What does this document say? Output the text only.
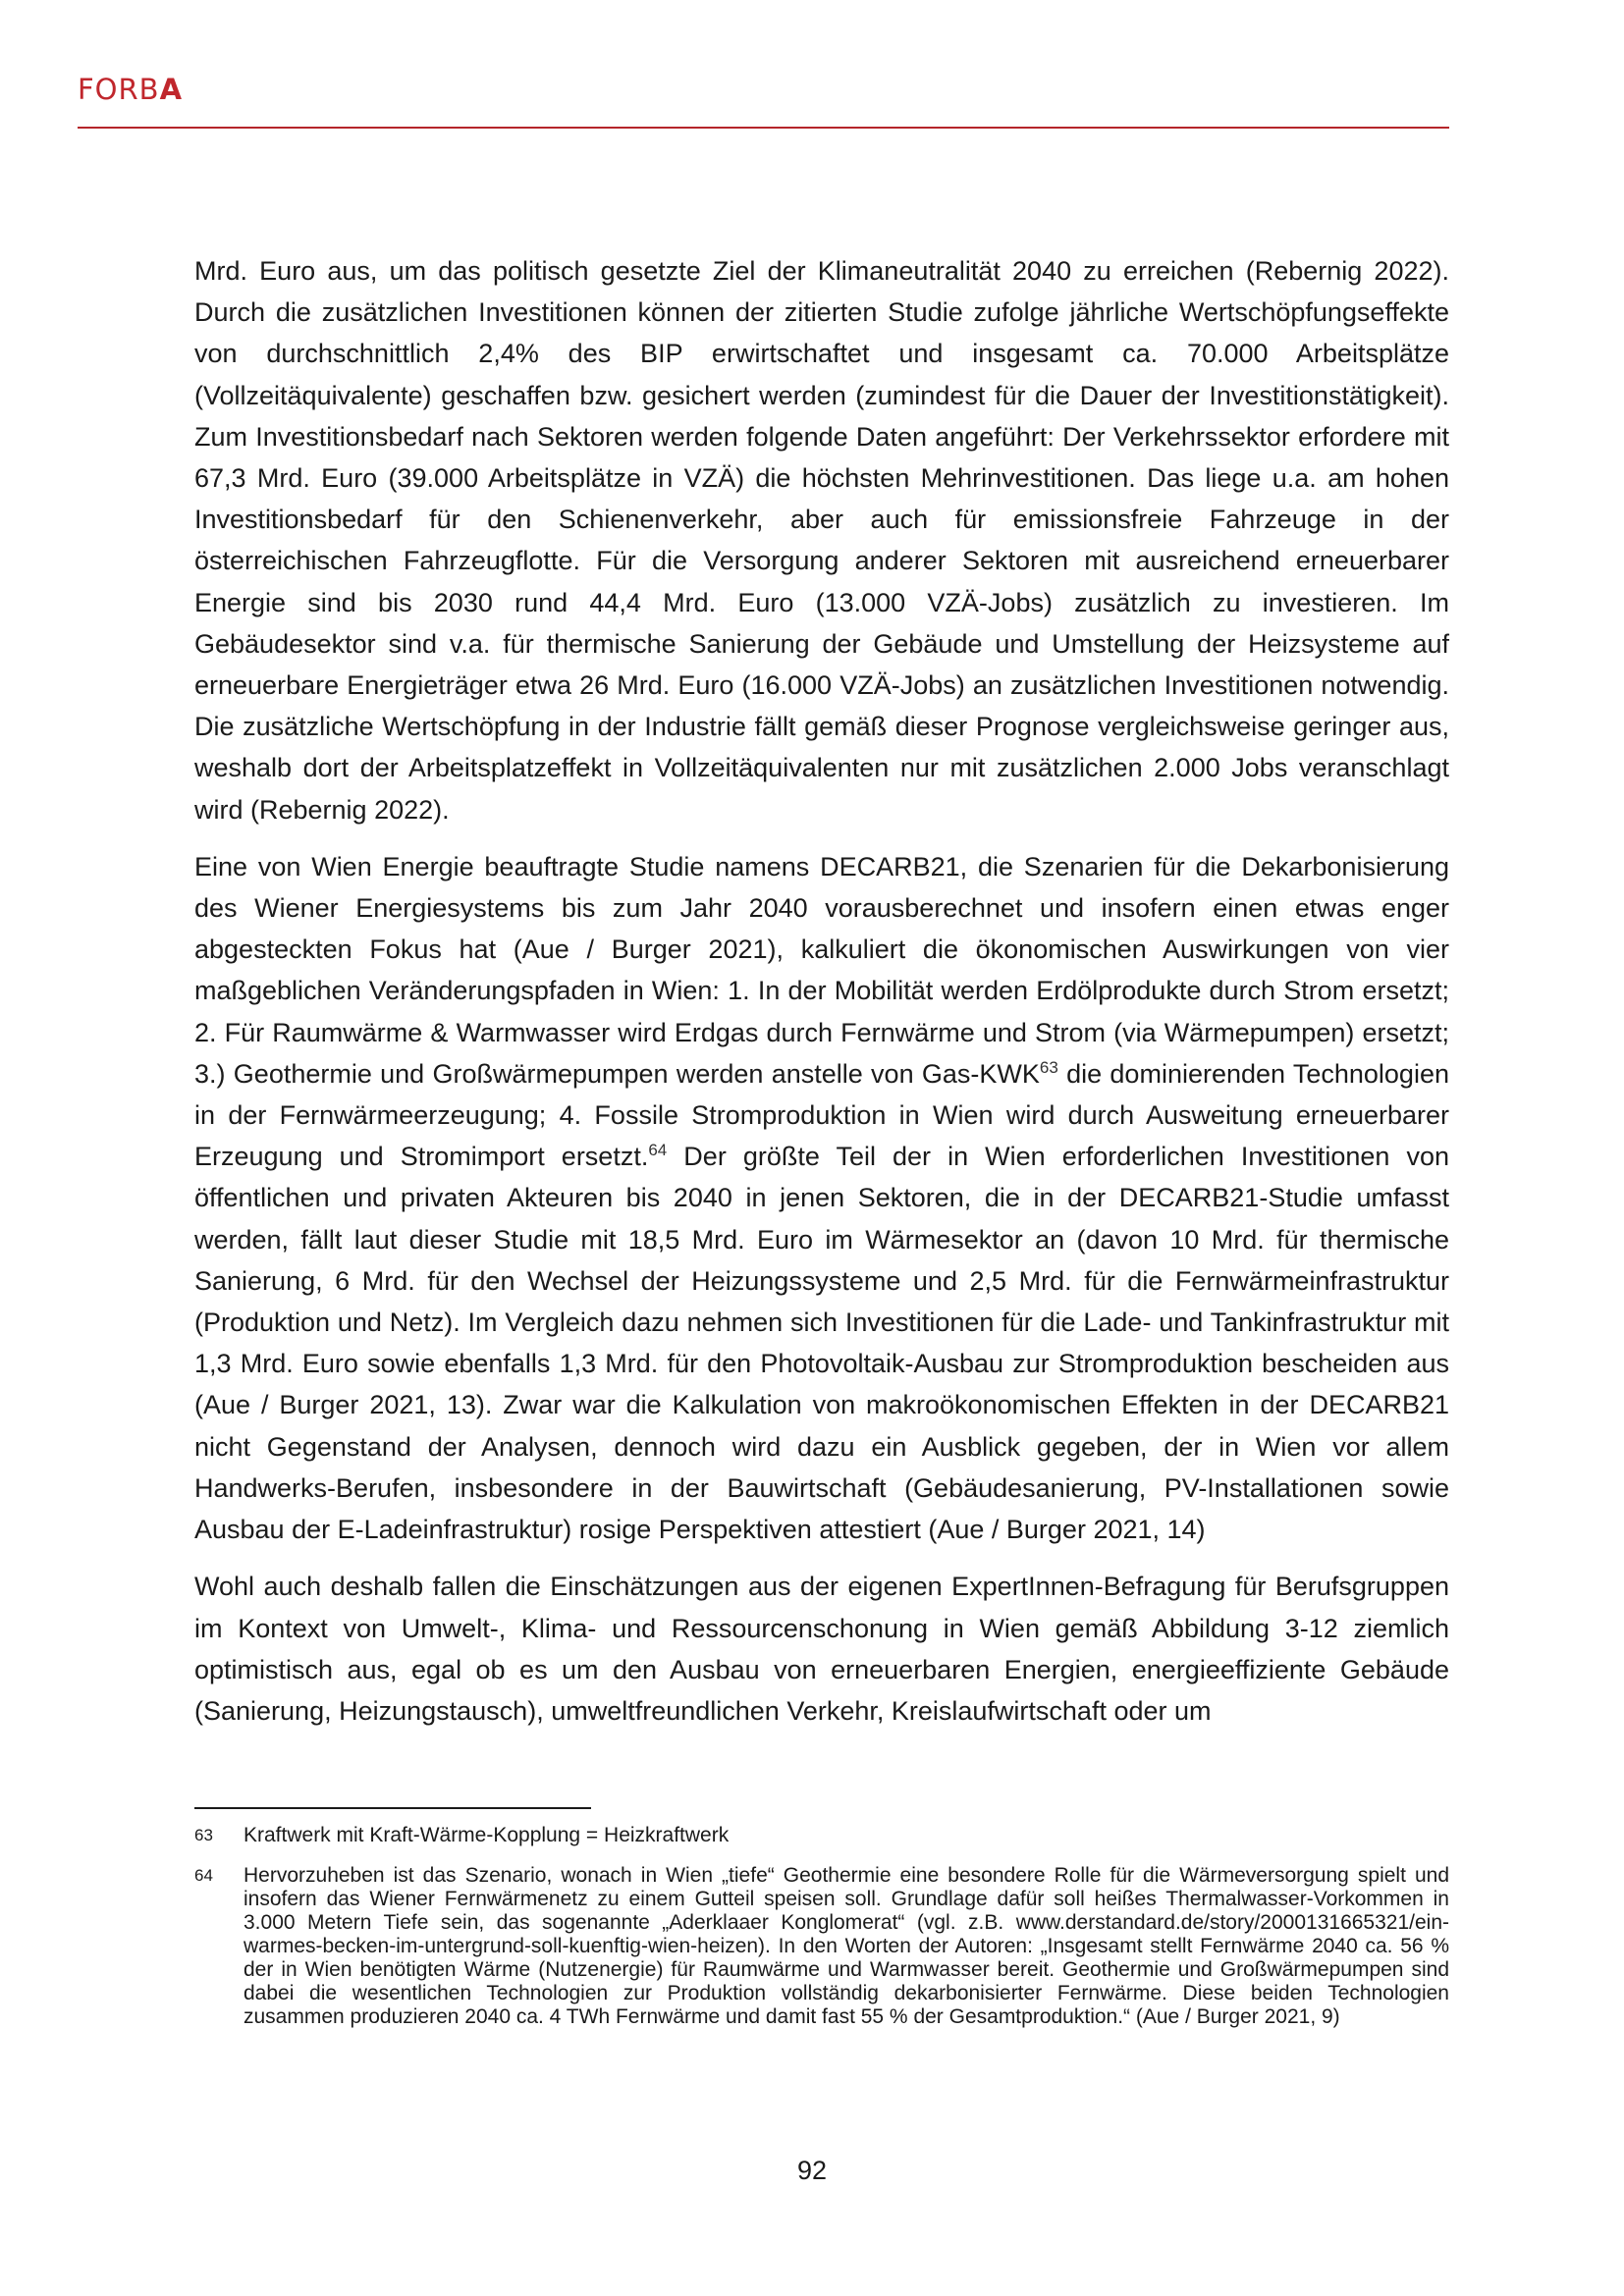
FORBA

Mrd. Euro aus, um das politisch gesetzte Ziel der Klimaneutralität 2040 zu erreichen (Rebernig 2022). Durch die zusätzlichen Investitionen können der zitierten Studie zufolge jährliche Wertschöpfungseffekte von durchschnittlich 2,4% des BIP erwirtschaftet und insgesamt ca. 70.000 Arbeitsplätze (Vollzeitäquivalente) geschaffen bzw. gesichert werden (zumindest für die Dauer der Investitionstätigkeit). Zum Investitionsbedarf nach Sektoren werden folgende Daten angeführt: Der Verkehrssektor erfordere mit 67,3 Mrd. Euro (39.000 Arbeitsplätze in VZÄ) die höchsten Mehrinvestitionen. Das liege u.a. am hohen Investitionsbedarf für den Schienenverkehr, aber auch für emissionsfreie Fahrzeuge in der österreichischen Fahrzeugflotte. Für die Versorgung anderer Sektoren mit ausreichend erneuerbarer Energie sind bis 2030 rund 44,4 Mrd. Euro (13.000 VZÄ-Jobs) zusätzlich zu investieren. Im Gebäudesektor sind v.a. für thermische Sanierung der Gebäude und Umstellung der Heizsysteme auf erneuerbare Energieträger etwa 26 Mrd. Euro (16.000 VZÄ-Jobs) an zusätzlichen Investitionen notwendig. Die zusätzliche Wertschöpfung in der Industrie fällt gemäß dieser Prognose vergleichsweise geringer aus, weshalb dort der Arbeitsplatzeffekt in Vollzeitäquivalenten nur mit zusätzlichen 2.000 Jobs veranschlagt wird (Rebernig 2022).

Eine von Wien Energie beauftragte Studie namens DECARB21, die Szenarien für die Dekarbonisierung des Wiener Energiesystems bis zum Jahr 2040 vorausberechnet und insofern einen etwas enger abgesteckten Fokus hat (Aue / Burger 2021), kalkuliert die ökonomischen Auswirkungen von vier maßgeblichen Veränderungspfaden in Wien: 1. In der Mobilität werden Erdölprodukte durch Strom ersetzt; 2. Für Raumwärme & Warmwasser wird Erdgas durch Fernwärme und Strom (via Wärmepumpen) ersetzt; 3.) Geothermie und Großwärmepumpen werden anstelle von Gas-KWK$^{63}$ die dominierenden Technologien in der Fernwärmeerzeugung; 4. Fossile Stromproduktion in Wien wird durch Ausweitung erneuerbarer Erzeugung und Stromimport ersetzt.$^{64}$ Der größte Teil der in Wien erforderlichen Investitionen von öffentlichen und privaten Akteuren bis 2040 in jenen Sektoren, die in der DECARB21-Studie umfasst werden, fällt laut dieser Studie mit 18,5 Mrd. Euro im Wärmesektor an (davon 10 Mrd. für thermische Sanierung, 6 Mrd. für den Wechsel der Heizungssysteme und 2,5 Mrd. für die Fernwärmeinfrastruktur (Produktion und Netz). Im Vergleich dazu nehmen sich Investitionen für die Lade- und Tankinfrastruktur mit 1,3 Mrd. Euro sowie ebenfalls 1,3 Mrd. für den Photovoltaik-Ausbau zur Stromproduktion bescheiden aus (Aue / Burger 2021, 13). Zwar war die Kalkulation von makroökonomischen Effekten in der DECARB21 nicht Gegenstand der Analysen, dennoch wird dazu ein Ausblick gegeben, der in Wien vor allem Handwerks-Berufen, insbesondere in der Bauwirtschaft (Gebäudesanierung, PV-Installationen sowie Ausbau der E-Ladeinfrastruktur) rosige Perspektiven attestiert (Aue / Burger 2021, 14)

Wohl auch deshalb fallen die Einschätzungen aus der eigenen ExpertInnen-Befragung für Berufsgruppen im Kontext von Umwelt-, Klima- und Ressourcenschonung in Wien gemäß Abbildung 3-12 ziemlich optimistisch aus, egal ob es um den Ausbau von erneuerbaren Energien, energieeffiziente Gebäude (Sanierung, Heizungstausch), umweltfreundlichen Verkehr, Kreislaufwirtschaft oder um

63	Kraftwerk mit Kraft-Wärme-Kopplung = Heizkraftwerk
64	Hervorzuheben ist das Szenario, wonach in Wien „tiefe“ Geothermie eine besondere Rolle für die Wärmeversorgung spielt und insofern das Wiener Fernwärmenetz zu einem Gutteil speisen soll. Grundlage dafür soll heißes Thermalwasser-Vorkommen in 3.000 Metern Tiefe sein, das sogenannte „Aderklaaer Konglomerat“ (vgl. z.B. www.derstandard.de/story/2000131665321/ein-warmes-becken-im-untergrund-soll-kuenftig-wien-heizen). In den Worten der Autoren: „Insgesamt stellt Fernwärme 2040 ca. 56 % der in Wien benötigten Wärme (Nutzenergie) für Raumwärme und Warmwasser bereit. Geothermie und Großwärmepumpen sind dabei die wesentlichen Technologien zur Produktion vollständig dekarbonisierter Fernwärme. Diese beiden Technologien zusammen produzieren 2040 ca. 4 TWh Fernwärme und damit fast 55 % der Gesamtproduktion.“ (Aue / Burger 2021, 9)
92
